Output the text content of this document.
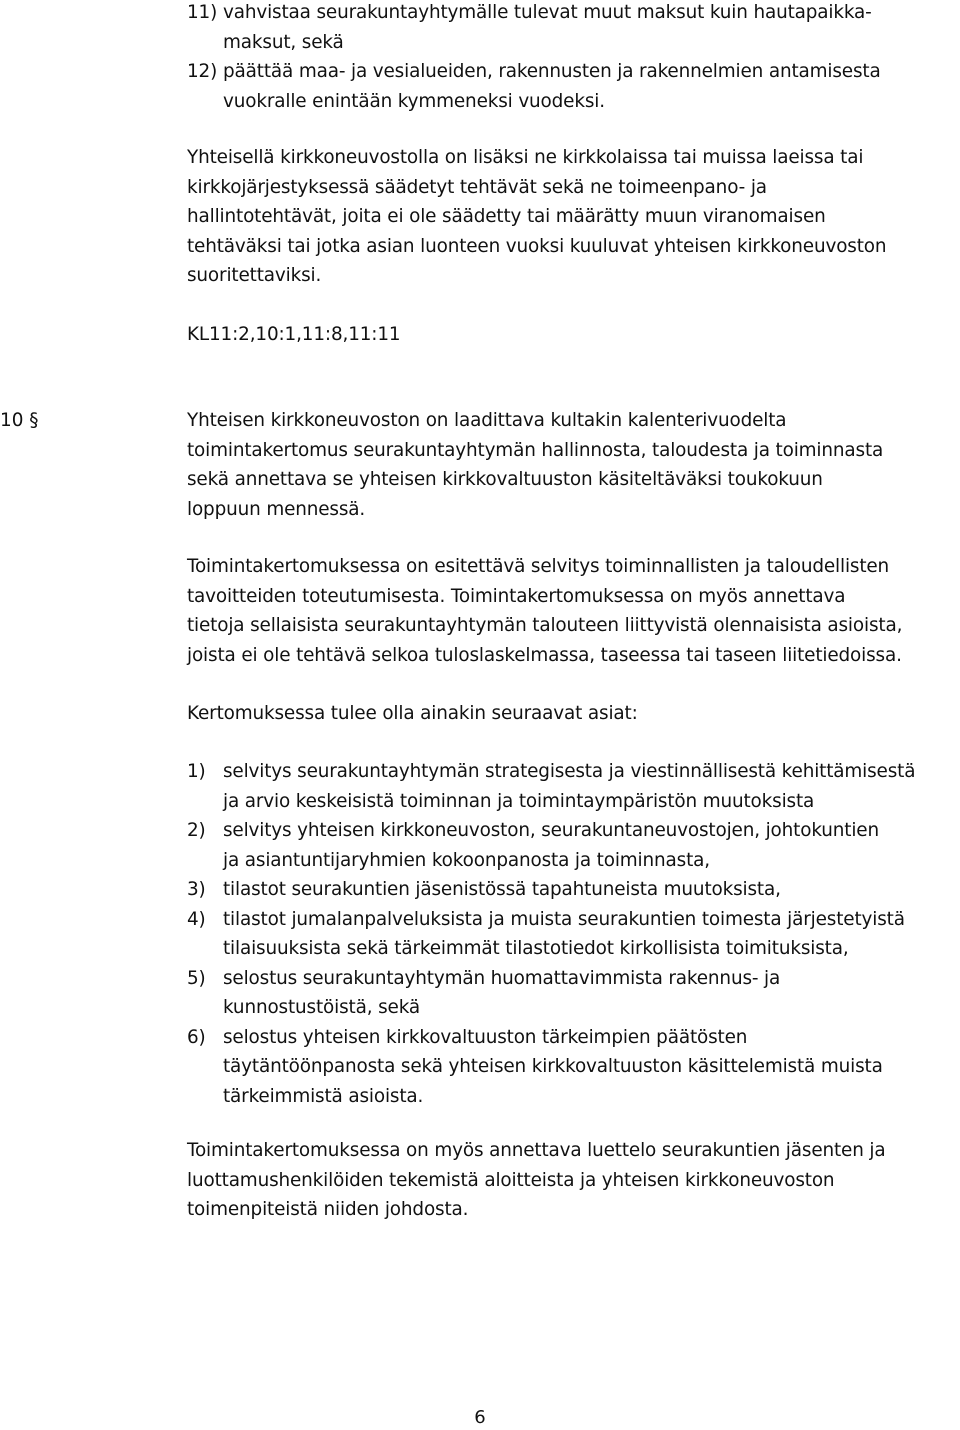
11) vahvistaa seurakuntayhtymälle tulevat muut maksut kuin hautapaikka-
maksut, sekä
12) päättää maa- ja vesialueiden, rakennusten ja rakennelmien antamisesta
vuokralle enintään kymmeneksi vuodeksi.
Yhteisellä kirkkoneuvostolla on lisäksi ne kirkkolaissa tai muissa laeissa tai
kirkkojärjestyksessä säädetyt tehtävät sekä ne toimeenpano- ja
hallintotehtävät, joita ei ole säädetty tai määrätty muun viranomaisen
tehtäväksi tai jotka asian luonteen vuoksi kuuluvat yhteisen kirkkoneuvoston
suoritettaviksi.
KL11:2,10:1,11:8,11:11
10 §	Yhteisen kirkkoneuvoston on laadittava kultakin kalenterivuodelta
toimintakertomus seurakuntayhtymän hallinnosta, taloudesta ja toiminnasta
sekä annettava se yhteisen kirkkovaltuuston käsiteltäväksi toukokuun
loppuun mennessä.
Toimintakertomuksessa on esitettävä selvitys toiminnallisten ja taloudellisten
tavoitteiden toteutumisesta. Toimintakertomuksessa on myös annettava
tietoja sellaisista seurakuntayhtymän talouteen liittyvistä olennaisista asioista,
joista ei ole tehtävä selkoa tuloslaskelmassa, taseessa tai taseen liitetiedoissa.
Kertomuksessa tulee olla ainakin seuraavat asiat:
1) selvitys seurakuntayhtymän strategisesta ja viestinnällisestä kehittämisestä
ja arvio keskeisistä toiminnan ja toimintaympäristön muutoksista
2) selvitys yhteisen kirkkoneuvoston, seurakuntaneuvostojen, johtokuntien
ja asiantuntijaryhmien kokoonpanosta ja toiminnasta,
3) tilastot seurakuntien jäsenistössä tapahtuneista muutoksista,
4) tilastot jumalanpalveluksista ja muista seurakuntien toimesta järjestetyistä
tilaisuuksista sekä tärkeimmät tilastotiedot kirkollisista toimituksista,
5) selostus seurakuntayhtymän huomattavimmista rakennus- ja
kunnostustöistä, sekä
6) selostus yhteisen kirkkovaltuuston tärkeimpien päätösten
täytäntöönpanosta sekä yhteisen kirkkovaltuuston käsittelemistä muista
tärkeimmistä asioista.
Toimintakertomuksessa on myös annettava luettelo seurakuntien jäsenten ja
luottamushenkilöiden tekemistä aloitteista ja yhteisen kirkkoneuvoston
toimenpiteistä niiden johdosta.
6
